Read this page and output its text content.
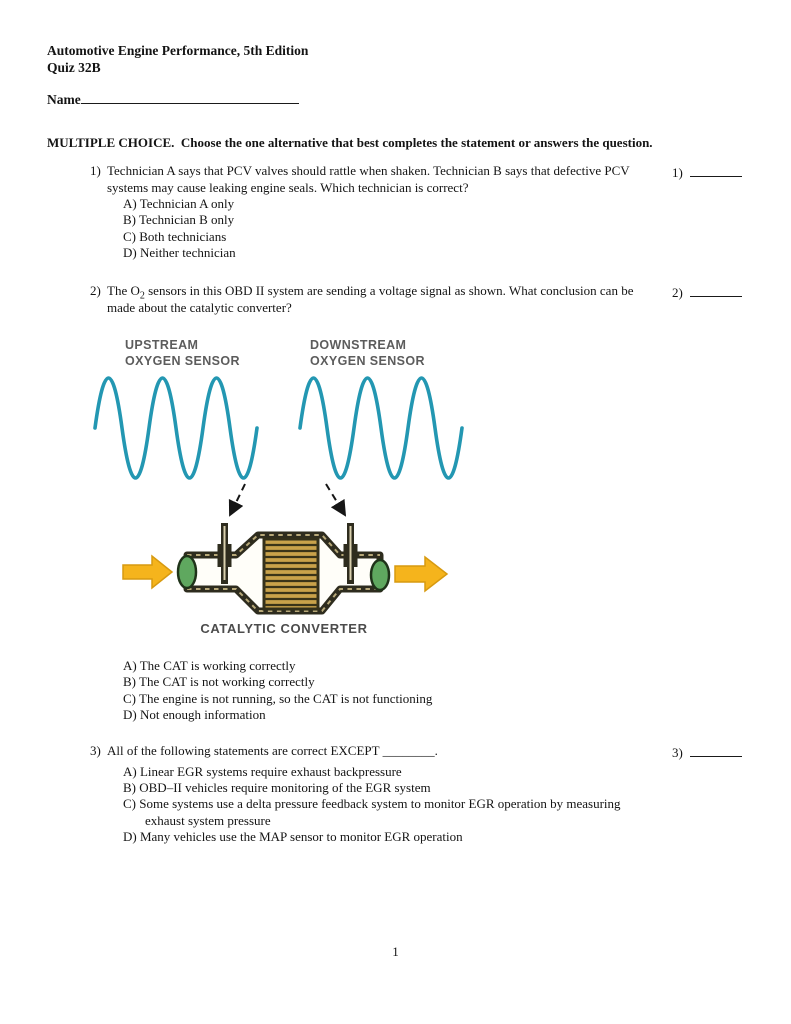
Automotive Engine Performance, 5th Edition
Quiz 32B
Name
MULTIPLE CHOICE. Choose the one alternative that best completes the statement or answers the question.
1) Technician A says that PCV valves should rattle when shaken. Technician B says that defective PCV systems may cause leaking engine seals. Which technician is correct?
A) Technician A only
B) Technician B only
C) Both technicians
D) Neither technician
1)
2) The $O_2$ sensors in this OBD II system are sending a voltage signal as shown. What conclusion can be made about the catalytic converter?
2)
UPSTREAM
OXYGEN SENSOR
DOWNSTREAM
OXYGEN SENSOR
CATALYTIC CONVERTER
A) The CAT is working correctly
B) The CAT is not working correctly
C) The engine is not running, so the CAT is not functioning
D) Not enough information
3) All of the following statements are correct EXCEPT ________.
A) Linear EGR systems require exhaust backpressure
B) OBD–II vehicles require monitoring of the EGR system
C) Some systems use a delta pressure feedback system to monitor EGR operation by measuring exhaust system pressure
D) Many vehicles use the MAP sensor to monitor EGR operation
3)
1
